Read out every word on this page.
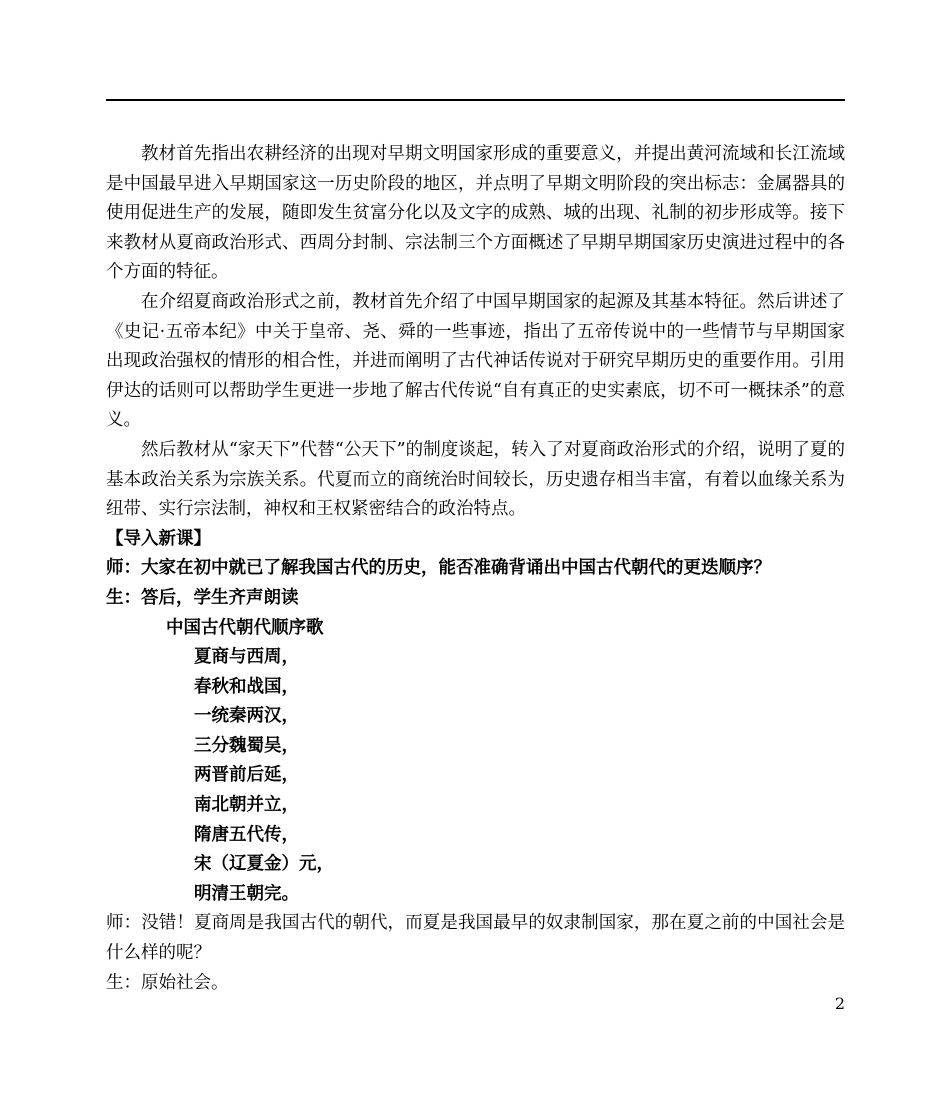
教材首先指出农耕经济的出现对早期文明国家形成的重要意义，并提出黄河流域和长江流域是中国最早进入早期国家这一历史阶段的地区，并点明了早期文明阶段的突出标志：金属器具的使用促进生产的发展，随即发生贫富分化以及文字的成熟、城的出现、礼制的初步形成等。接下来教材从夏商政治形式、西周分封制、宗法制三个方面概述了早期早期国家历史演进过程中的各个方面的特征。

在介绍夏商政治形式之前，教材首先介绍了中国早期国家的起源及其基本特征。然后讲述了《史记·五帝本纪》中关于皇帝、尧、舜的一些事迹，指出了五帝传说中的一些情节与早期国家出现政治强权的情形的相合性，并进而阐明了古代神话传说对于研究早期历史的重要作用。引用伊达的话则可以帮助学生更进一步地了解古代传说“自有真正的史实素底，切不可一概抹杀”的意义。

然后教材从“家天下”代替“公天下”的制度谈起，转入了对夏商政治形式的介绍，说明了夏的基本政治关系为宗族关系。代夏而立的商统治时间较长，历史遗存相当丰富，有着以血缘关系为纽带、实行宗法制，神权和王权紧密结合的政治特点。

【导入新课】

师：大家在初中就已了解我国古代的历史，能否准确背诵出中国古代朝代的更迭顺序？

生：答后，学生齐声朗读

中国古代朝代顺序歌

夏商与西周，

春秋和战国，

一统秦两汉，

三分魏蜀吴，

两晋前后延，

南北朝并立，

隋唐五代传，

宋（辽夏金）元，

明清王朝完。

师：没错！夏商周是我国古代的朝代，而夏是我国最早的奴隶制国家，那在夏之前的中国社会是什么样的呢？

生：原始社会。

2
